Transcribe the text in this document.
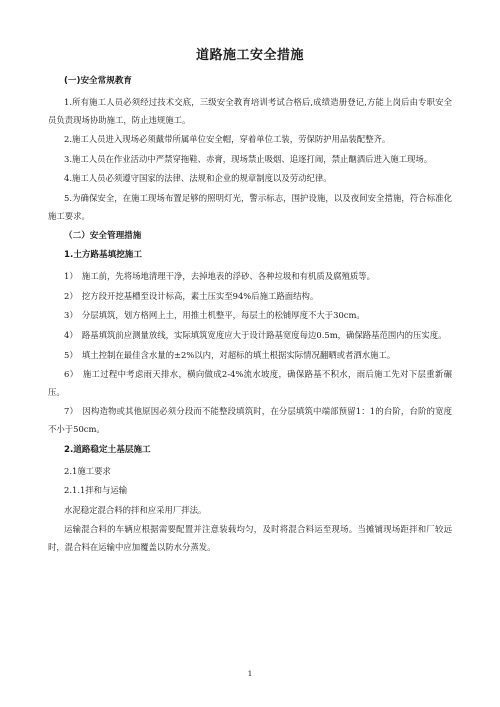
道路施工安全措施
(一)安全常规教育
1.所有施工人员必须经过技术交底，三级安全教育培训考试合格后,成绩造册登记,方能上岗后由专职安全员负责现场协助施工，防止违规施工。
2.施工人员进入现场必须戴带所属单位安全帽，穿着单位工装，劳保防护用品装配整齐。
3.施工人员在作业活动中严禁穿拖鞋、赤膏，现场禁止吸烟、追逐打闹，禁止酗酒后进入施工现场。
4.施工人员必须遵守国家的法律、法规和企业的规章制度以及劳动纪律。
5.为确保安全，在施工现场布置足够的照明灯光，警示标志，围护设施，以及夜间安全措施，符合标准化施工要求。
（二）安全管理措施
1.土方路基填挖施工
1）　施工前，先将场地清理干净，去掉地表的浮砂、各种垃圾和有机质及腐殖质等。
2）　挖方段开挖基槽至设计标高，素土压实至94%后施工路面结构。
3）　分层填筑，划方格网上土，用推土机整平，每层土的松铺厚度不大于30cm。
4）　路基填筑前应测量放线，实际填筑宽度应大于设计路基宽度每边0.5m，确保路基范围内的压实度。
5）　填土控制在最佳含水量的±2%以内，对超标的填土根据实际情况翻晒或者洒水施工。
6）　施工过程中考虑雨天排水，横向做成2-4%流水坡度，确保路基不积水，雨后施工先对下层重新碾压。
7）　因构造物或其他原因必须分段而不能整段填筑时，在分层填筑中端部预留1：1的台阶，台阶的宽度不小于50cm。
2.道路稳定土基层施工
2.1施工要求
2.1.1拌和与运输
水泥稳定混合料的拌和应采用厂拌法。
运输混合料的车辆应根据需要配置并注意装载均匀，及时将混合料运至现场。当摊铺现场距拌和厂较远时，混合料在运输中应加覆盖以防水分蒸发。
1
